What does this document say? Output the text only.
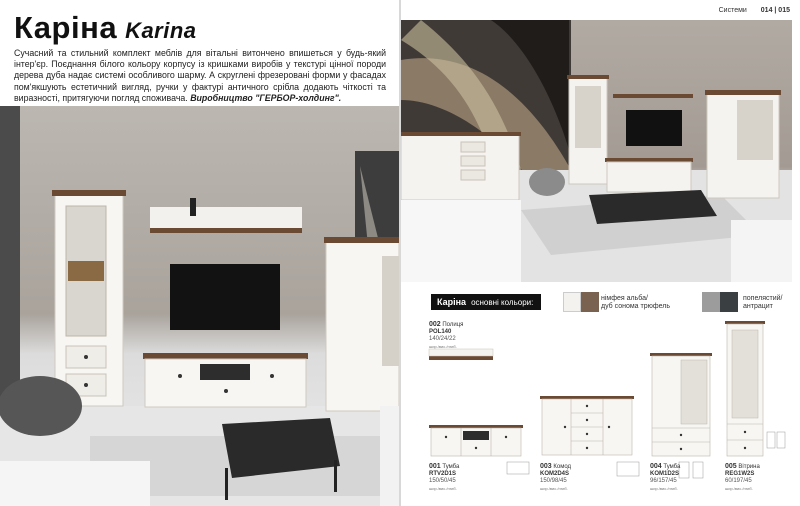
Каріна Karina
Сучасний та стильний комплект меблів для вітальні витончено впишеться у будь-який інтер'єр. Поєднання білого кольору корпусу із кришками виробів у текстурі цінної породи дерева дуба надає системі особливого шарму. А скруглені фрезеровані форми у фасадах пом'якшують естетичний вигляд, ручки у фактурі античного срібла додають чіткості та виразності, притягуючи погляд споживача. Виробництво "ГЕРБОР-холдинг".
Системи 014 | 015
Каріна основні кольори:	німфея альба/
дуб сонома трюфель
попелястий/
антрацит
002 Полиця
POL140
140/24/22
шир./вис./глиб.
001 Тумба
RTV2D1S
150/50/45
шир./вис./глиб.
003 Комод
KOM2D4S
150/98/45
шир./вис./глиб.
004 Тумба
KOM1D2S
96/157/45
шир./вис./глиб.
005 Вітрина
REG1W2S
60/197/45
шир./вис./глиб.
